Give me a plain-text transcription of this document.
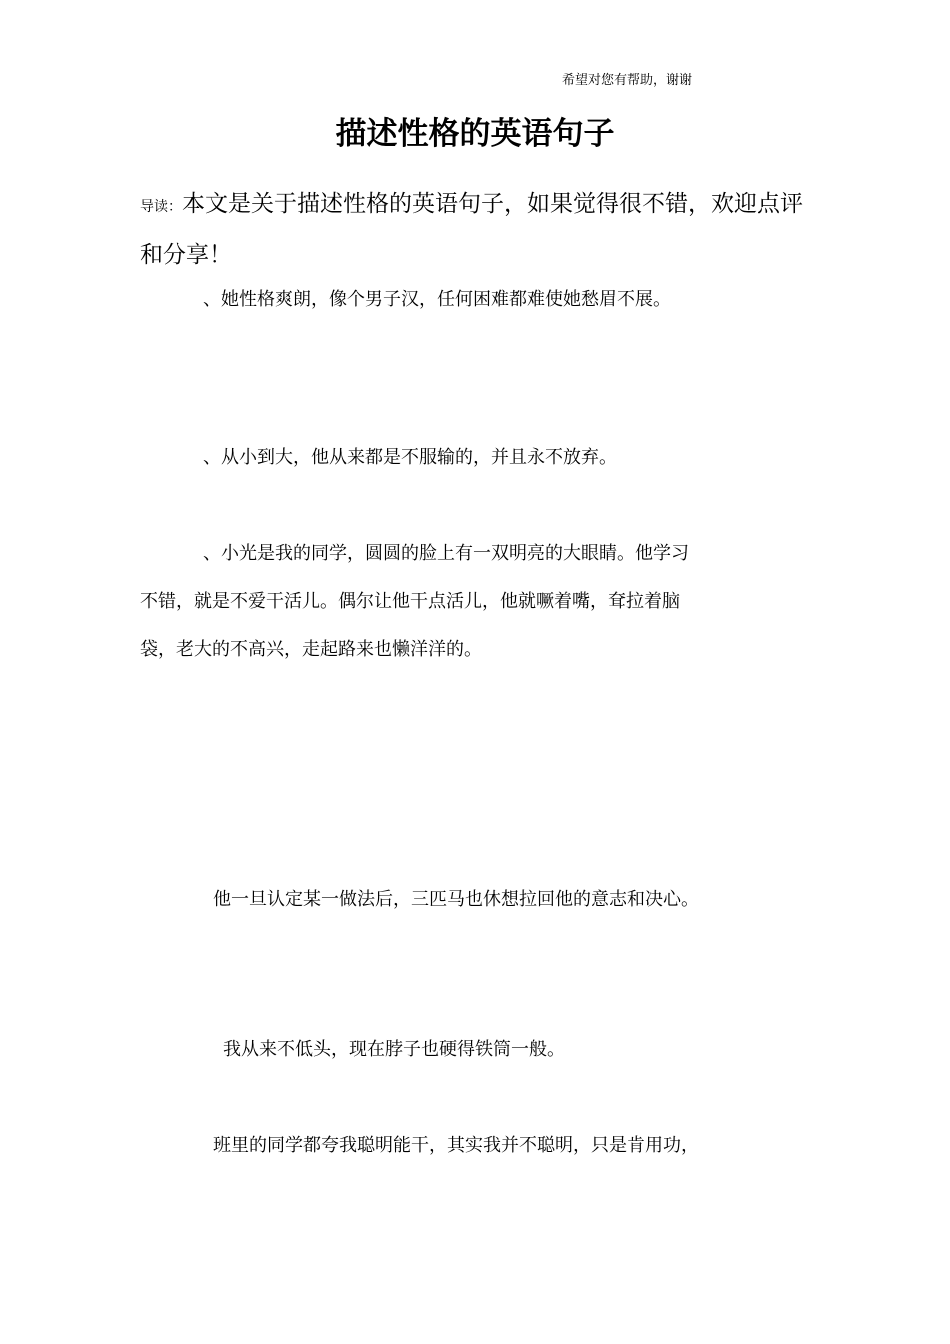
希望对您有帮助，谢谢
描述性格的英语句子
导读：本文是关于描述性格的英语句子，如果觉得很不错，欢迎点评和分享！
、她性格爽朗，像个男子汉，任何困难都难使她愁眉不展。
、从小到大，他从来都是不服输的，并且永不放弃。
、小光是我的同学，圆圆的脸上有一双明亮的大眼睛。他学习
不错，就是不爱干活儿。偶尔让他干点活儿，他就噘着嘴，耷拉着脑
袋，老大的不高兴，走起路来也懒洋洋的。
他一旦认定某一做法后，三匹马也休想拉回他的意志和决心。
我从来不低头，现在脖子也硬得铁筒一般。
班里的同学都夸我聪明能干，其实我并不聪明，只是肯用功，
